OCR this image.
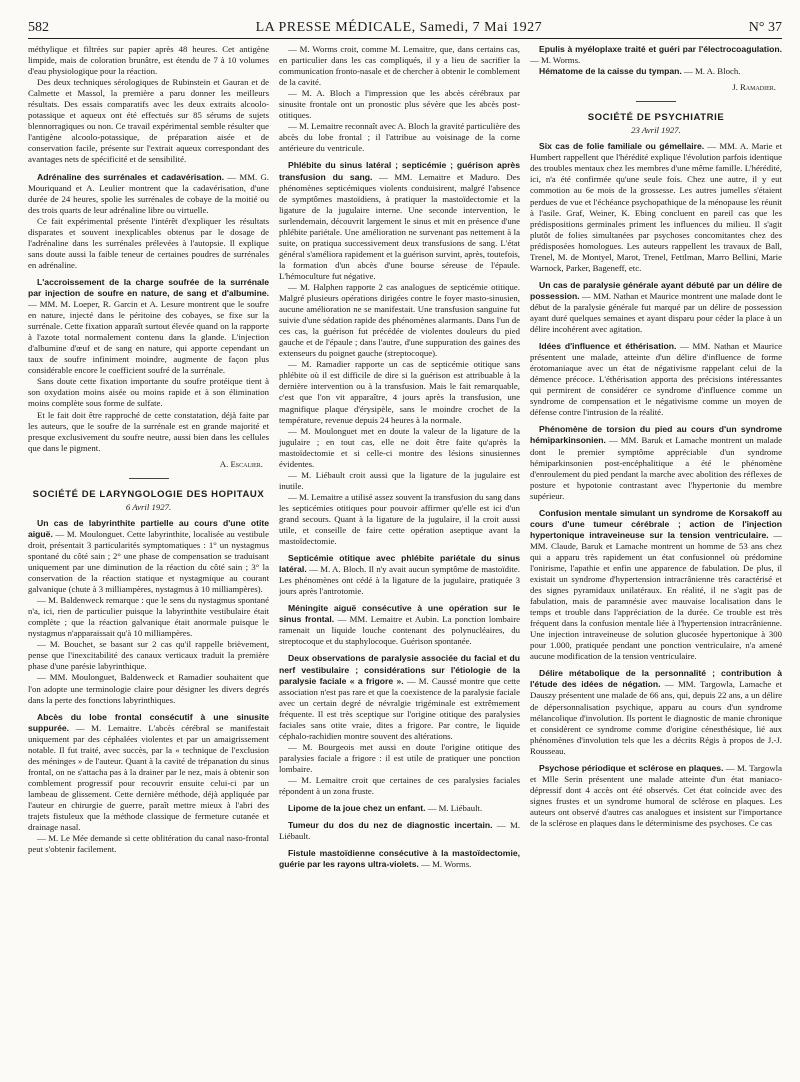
582	LA PRESSE MÉDICALE, Samedi, 7 Mai 1927	N° 37

méthylique et filtrées sur papier après 48 heures. Cet antigène limpide, mais de coloration brunâtre, est étendu de 7 à 10 volumes d'eau physiologique pour la réaction.

Des deux techniques sérologiques de Rubinstein et Gauran et de Calmette et Massol, la première a paru donner les meilleurs résultats. Des essais comparatifs avec les deux extraits alcoolo-potassique et aqueux ont été effectués sur 85 sérums de sujets blennorragiques ou non. Ce travail expérimental semble résulter que l'antigène alcoolo-potassique, de préparation aisée et de conservation facile, présente sur l'extrait aqueux correspondant des avantages nets de spécificité et de sensibilité.

Adrénaline des surrénales et cadavérisation. — MM. G. Mouriquand et A. Leulier montrent que la cadavérisation, d'une durée de 24 heures, spolie les surrénales de cobaye de la moitié ou des trois quarts de leur adrénaline libre ou virtuelle.

Ce fait expérimental présente l'intérêt d'expliquer les résultats disparates et souvent inexplicables obtenus par le dosage de l'adrénaline dans les surrénales prélevées à l'autopsie. Il explique sans doute aussi la faible teneur de certaines poudres de surrénales en adrénaline.

L'accroissement de la charge soufrée de la surrénale par injection de soufre en nature, de sang et d'albumine. — MM. M. Loeper, R. Garcin et A. Lesure montrent que le soufre en nature, injecté dans le péritoine des cobayes, se fixe sur la surrénale. Cette fixation apparaît surtout élevée quand on la rapporte à l'azote total normalement contenu dans la glande. L'injection d'albumine d'œuf et de sang en nature, qui apporte cependant un taux de soufre infiniment moindre, augmente de façon plus considérable encore le coefficient soufré de la surrénale.

Sans doute cette fixation importante du soufre protéique tient à son oxydation moins aisée ou moins rapide et à son élimination moins complète sous forme de sulfate.

Et le fait doit être rapproché de cette constatation, déjà faite par les auteurs, que le soufre de la surrénale est en grande majorité et presque exclusivement du soufre neutre, aussi bien dans les cellules que dans le pigment.

A. Escalier.
SOCIÉTÉ DE LARYNGOLOGIE DES HOPITAUX
6 Avril 1927.

Un cas de labyrinthite partielle au cours d'une otite aiguë. — M. Moulonguet. Cette labyrinthite, localisée au vestibule droit, présentait 3 particularités symptomatiques : 1° un nystagmus spontané du côté sain ; 2° une phase de compensation se traduisant uniquement par une diminution de la réaction du côté sain ; 3° la conservation de la réaction statique et nystagmique au courant galvanique (chute à 3 milliampères, nystagmus à 10 milliampères).

— M. Baldenweck remarque : que le sens du nystagmus spontané n'a, ici, rien de particulier puisque la labyrinthite vestibulaire était complète ; que la réaction galvanique était anormale puisque le nystagmus n'apparaissait qu'à 10 milliampères.

— M. Bouchet, se basant sur 2 cas qu'il rappelle brièvement, pense que l'inexcitabilité des canaux verticaux traduit la première phase d'une parésie labyrinthique.

— MM. Moulonguet, Baldenweck et Ramadier souhaitent que l'on adopte une terminologie claire pour désigner les divers degrés dans la perte des fonctions labyrinthiques.

Abcès du lobe frontal consécutif à une sinusite suppurée. — M. Lemaitre. L'abcès cérébral se manifestait uniquement par des céphalées violentes et par un amaigrissement notable. Il fut traité, avec succès, par la « technique de l'exclusion des méninges » de l'auteur. Quant à la cavité de trépanation du sinus frontal, on ne s'attacha pas à la drainer par le nez, mais à obtenir son comblement progressif pour recouvrir ensuite celui-ci par un lambeau de glissement. Cette dernière méthode, déjà appliquée par l'auteur en chirurgie de guerre, paraît mettre mieux à l'abri des trajets fistuleux que la méthode classique de fermeture cutanée et drainage nasal.

— M. Le Mée demande si cette oblitération du canal naso-frontal peut s'obtenir facilement.

— M. Worms croit, comme M. Lemaitre, que, dans certains cas, en particulier dans les cas compliqués, il y a lieu de sacrifier la communication fronto-nasale et de chercher à obtenir le comblement de la cavité.

— M. A. Bloch a l'impression que les abcès cérébraux par sinusite frontale ont un pronostic plus sévère que les abcès post-otitiques.

— M. Lemaitre reconnaît avec A. Bloch la gravité particulière des abcès du lobe frontal ; il l'attribue au voisinage de la corne antérieure du ventricule.

Phlébite du sinus latéral ; septicémie ; guérison après transfusion du sang. — MM. Lemaitre et Maduro. Des phénomènes septicémiques violents conduisirent, malgré l'absence de symptômes mastoïdiens, à pratiquer la mastoïdectomie et la ligature de la jugulaire interne. Une seconde intervention, le surlendemain, découvrit largement le sinus et mit en présence d'une phlébite pariétale. Une amélioration ne survenant pas nettement à la suite, on pratiqua successivement deux transfusions de sang. L'état général s'améliora rapidement et la guérison survint, après, toutefois, la formation d'un abcès d'une bourse séreuse de l'épaule. L'hémoculture fut négative.

— M. Halphen rapporte 2 cas analogues de septicémie otitique. Malgré plusieurs opérations dirigées contre le foyer masto-sinusien, aucune amélioration ne se manifestait. Une transfusion sanguine fut suivie d'une sédation rapide des phénomènes alarmants. Dans l'un de ces cas, la guérison fut précédée de violentes douleurs du pied gauche et de l'épaule ; dans l'autre, d'une suppuration des gaines des extenseurs du poignet gauche (streptocoque).

— M. Ramadier rapporte un cas de septicémie otitique sans phlébite où il est difficile de dire si la guérison est attribuable à la dernière intervention ou à la transfusion. Mais le fait remarquable, c'est que l'on vit apparaître, 4 jours après la transfusion, une magnifique plaque d'érysipèle, sans le moindre crochet de la température, revenue depuis 24 heures à la normale.

— M. Moulonguet met en doute la valeur de la ligature de la jugulaire ; en tout cas, elle ne doit être faite qu'après la mastoïdectomie et si celle-ci montre des lésions sinusiennes évidentes.

— M. Liébault croit aussi que la ligature de la jugulaire est inutile.

— M. Lemaitre a utilisé assez souvent la transfusion du sang dans les septicémies otitiques pour pouvoir affirmer qu'elle est ici d'un grand secours. Quant à la ligature de la jugulaire, il la croit aussi utile, et conseille de faire cette opération aseptique avant la mastoïdectomie.

Septicémie otitique avec phlébite pariétale du sinus latéral. — M. A. Bloch. Il n'y avait aucun symptôme de mastoïdite. Les phénomènes ont cédé à la ligature de la jugulaire, pratiquée 3 jours après l'antrotomie.

Méningite aiguë consécutive à une opération sur le sinus frontal. — MM. Lemaitre et Aubin. La ponction lombaire ramenait un liquide louche contenant des polynucléaires, du streptocoque et du staphylocoque. Guérison spontanée.

Deux observations de paralysie associée du facial et du nerf vestibulaire ; considérations sur l'étiologie de la paralysie faciale « a frigore ». — M. Caussé montre que cette association n'est pas rare et que la coexistence de la paralysie faciale avec un certain degré de névralgie trigéminale est extrêmement fréquente. Il est très sceptique sur l'origine otitique des paralysies faciales sans otite vraie, dites a frigore. Par contre, le liquide céphalo-rachidien montre souvent des altérations.

— M. Bourgeois met aussi en doute l'origine otitique des paralysies faciale a frigore : il est utile de pratiquer une ponction lombaire.

— M. Lemaitre croit que certaines de ces paralysies faciales répondent à un zona fruste.

Lipome de la joue chez un enfant. — M. Liébault.

Tumeur du dos du nez de diagnostic incertain. — M. Liébault.

Fistule mastoïdienne consécutive à la mastoïdectomie, guérie par les rayons ultra-violets. — M. Worms.

Epulis à myéloplaxe traité et guéri par l'électrocoagulation. — M. Worms.

Hématome de la caisse du tympan. — M. A. Bloch.

J. Ramadier.
SOCIÉTÉ DE PSYCHIATRIE
23 Avril 1927.

Six cas de folie familiale ou gémellaire. — MM. A. Marie et Humbert rappellent que l'hérédité explique l'évolution parfois identique des troubles mentaux chez les membres d'une même famille. L'hérédité, ici, n'a été confirmée qu'une seule fois. Chez une autre, il y eut commotion au 6e mois de la grossesse. Les autres jumelles s'étaient perdues de vue et l'échéance psychopathique de la ménopause les réunit à l'asile. Graf, Weiner, K. Ebing concluent en pareil cas que les prédispositions germinales priment les influences du milieu. Il s'agit plutôt de folies simultanées par psychoses concomitantes chez des prédisposées homologues. Les auteurs rappellent les travaux de Ball, Trenel, M. de Montyel, Marot, Trenel, Fettlman, Marro Bellini, Marie Warnock, Parker, Bageneff, etc.

Un cas de paralysie générale ayant débuté par un délire de possession. — MM. Nathan et Maurice montrent une malade dont le début de la paralysie générale fut marqué par un délire de possession ayant duré quelques semaines et ayant disparu pour céder la place à un délire incohérent avec agitation.

Idées d'influence et éthérisation. — MM. Nathan et Maurice présentent une malade, atteinte d'un délire d'influence de forme érotomaniaque avec un état de négativisme rappelant celui de la démence précoce. L'éthérisation apporta des précisions intéressantes qui permirent de considérer ce syndrome d'influence comme un syndrome de compensation et le négativisme comme un moyen de défense contre l'intrusion de la réalité.

Phénomène de torsion du pied au cours d'un syndrome hémiparkinsonien. — MM. Baruk et Lamache montrent un malade dont le premier symptôme appréciable d'un syndrome hémiparkinsonien post-encéphalitique a été le phénomène d'enroulement du pied pendant la marche avec abolition des réflexes de posture et hypotonie contrastant avec l'hypertonie du membre supérieur.

Confusion mentale simulant un syndrome de Korsakoff au cours d'une tumeur cérébrale ; action de l'injection hypertonique intraveineuse sur la tension ventriculaire. — MM. Claude, Baruk et Lamache montrent un homme de 53 ans chez qui a apparu très rapidement un état confusionnel où prédomine l'onirisme, l'apathie et enfin une apparence de fabulation. De plus, il existait un syndrome d'hypertension intracrânienne très caractérisé et des signes pyramidaux unilatéraux. En réalité, il ne s'agit pas de fabulation, mais de paramnésie avec mauvaise localisation dans le temps et trouble dans l'appréciation de la durée. Ce trouble est très fréquent dans la confusion mentale liée à l'hypertension intracrânienne. Une injection intraveineuse de solution glucosée hypertonique à 300 pour 1.000, pratiquée pendant une ponction ventriculaire, n'a amené aucune modification de la tension ventriculaire.

Délire métabolique de la personnalité ; contribution à l'étude des idées de négation. — MM. Targowla, Lamache et Dauszy présentent une malade de 66 ans, qui, depuis 22 ans, a un délire de dépersonnalisation psychique, apparu au cours d'un syndrome mélancolique d'involution. Ils portent le diagnostic de manie chronique et considèrent ce syndrome comme d'origine cénesthésique, lié aux phénomènes d'involution tels que les a décrits Régis à propos de J.-J. Rousseau.

Psychose périodique et sclérose en plaques. — M. Targowla et Mlle Serin présentent une malade atteinte d'un état maniaco-dépressif dont 4 accès ont été observés. Cet état coïncide avec des signes frustes et un syndrome humoral de sclérose en plaques. Les auteurs ont observé d'autres cas analogues et insistent sur l'importance de la sclérose en plaques dans le déterminisme des psychoses. Ce cas
